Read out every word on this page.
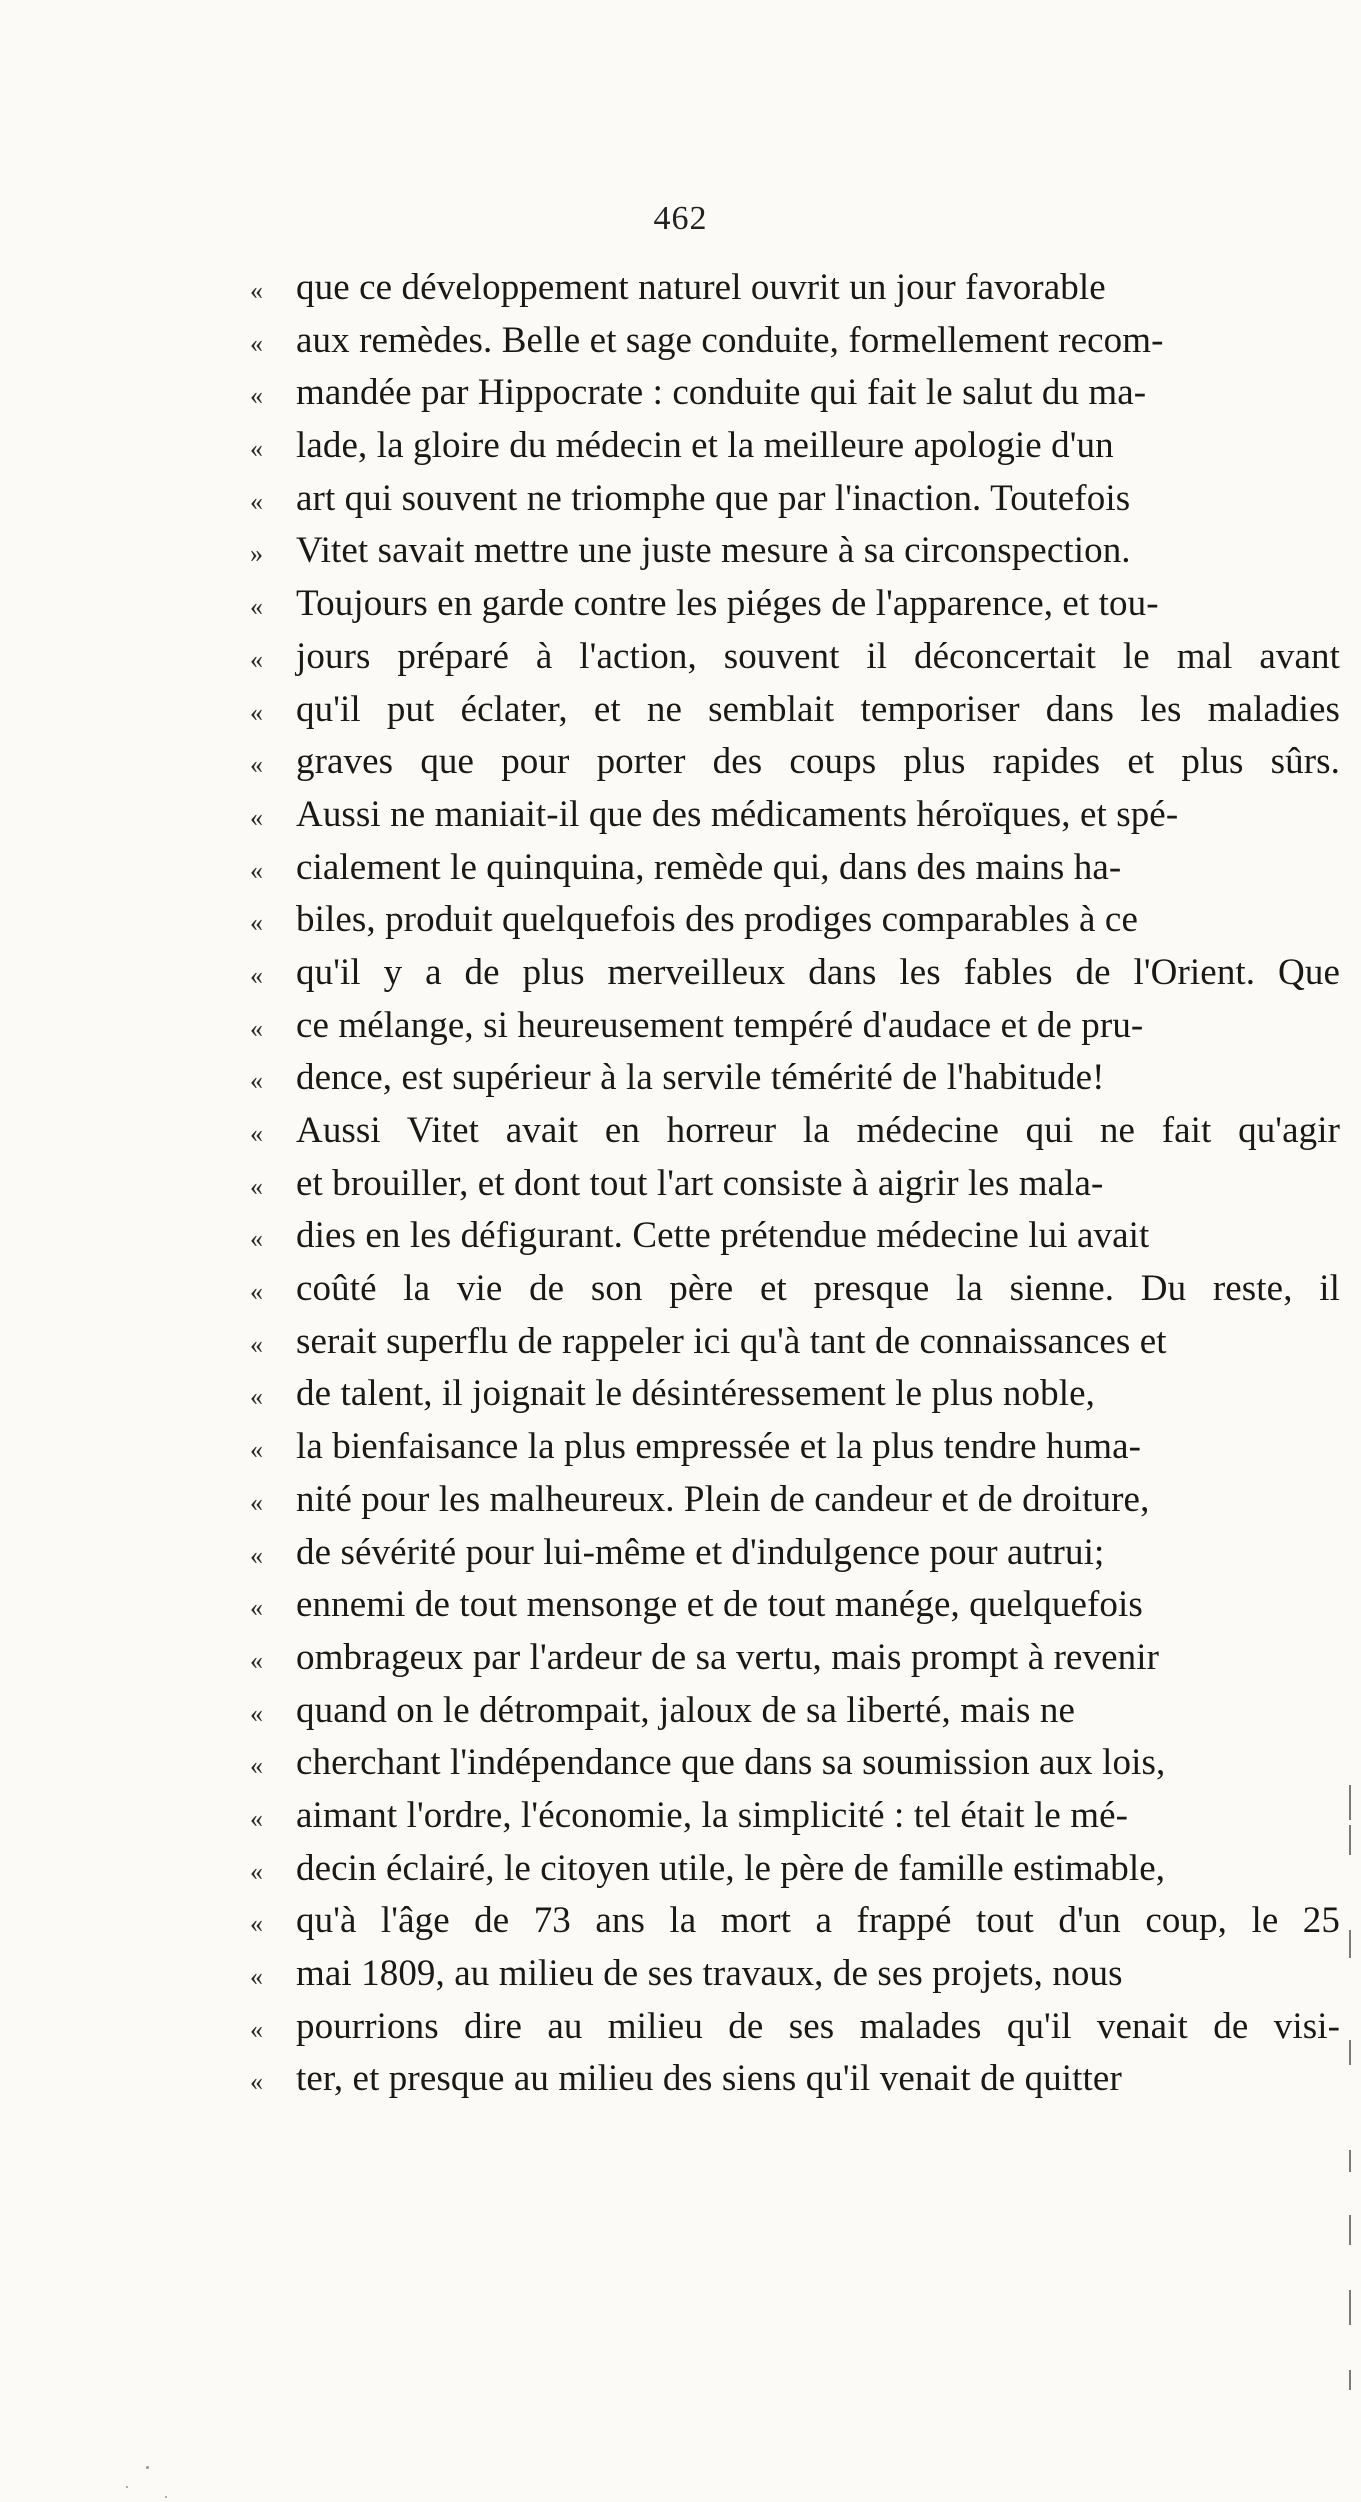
462
« que ce développement naturel ouvrit un jour favorable
« aux remèdes. Belle et sage conduite, formellement recom-
« mandée par Hippocrate : conduite qui fait le salut du ma-
« lade, la gloire du médecin et la meilleure apologie d'un
« art qui souvent ne triomphe que par l'inaction. Toutefois
» Vitet savait mettre une juste mesure à sa circonspection.
« Toujours en garde contre les piéges de l'apparence, et tou-
« jours préparé à l'action, souvent il déconcertait le mal avant
« qu'il put éclater, et ne semblait temporiser dans les maladies
« graves que pour porter des coups plus rapides et plus sûrs.
« Aussi ne maniait-il que des médicaments héroïques, et spé-
« cialement le quinquina, remède qui, dans des mains ha-
« biles, produit quelquefois des prodiges comparables à ce
« qu'il y a de plus merveilleux dans les fables de l'Orient. Que
« ce mélange, si heureusement tempéré d'audace et de pru-
« dence, est supérieur à la servile témérité de l'habitude!
« Aussi Vitet avait en horreur la médecine qui ne fait qu'agir
« et brouiller, et dont tout l'art consiste à aigrir les mala-
« dies en les défigurant. Cette prétendue médecine lui avait
« coûté la vie de son père et presque la sienne. Du reste, il
« serait superflu de rappeler ici qu'à tant de connaissances et
« de talent, il joignait le désintéressement le plus noble,
« la bienfaisance la plus empressée et la plus tendre huma-
« nité pour les malheureux. Plein de candeur et de droiture,
« de sévérité pour lui-même et d'indulgence pour autrui;
« ennemi de tout mensonge et de tout manége, quelquefois
« ombrageux par l'ardeur de sa vertu, mais prompt à revenir
« quand on le détrompait, jaloux de sa liberté, mais ne
« cherchant l'indépendance que dans sa soumission aux lois,
« aimant l'ordre, l'économie, la simplicité : tel était le mé-
« decin éclairé, le citoyen utile, le père de famille estimable,
« qu'à l'âge de 73 ans la mort a frappé tout d'un coup, le 25
« mai 1809, au milieu de ses travaux, de ses projets, nous
« pourrions dire au milieu de ses malades qu'il venait de visi-
« ter, et presque au milieu des siens qu'il venait de quitter
